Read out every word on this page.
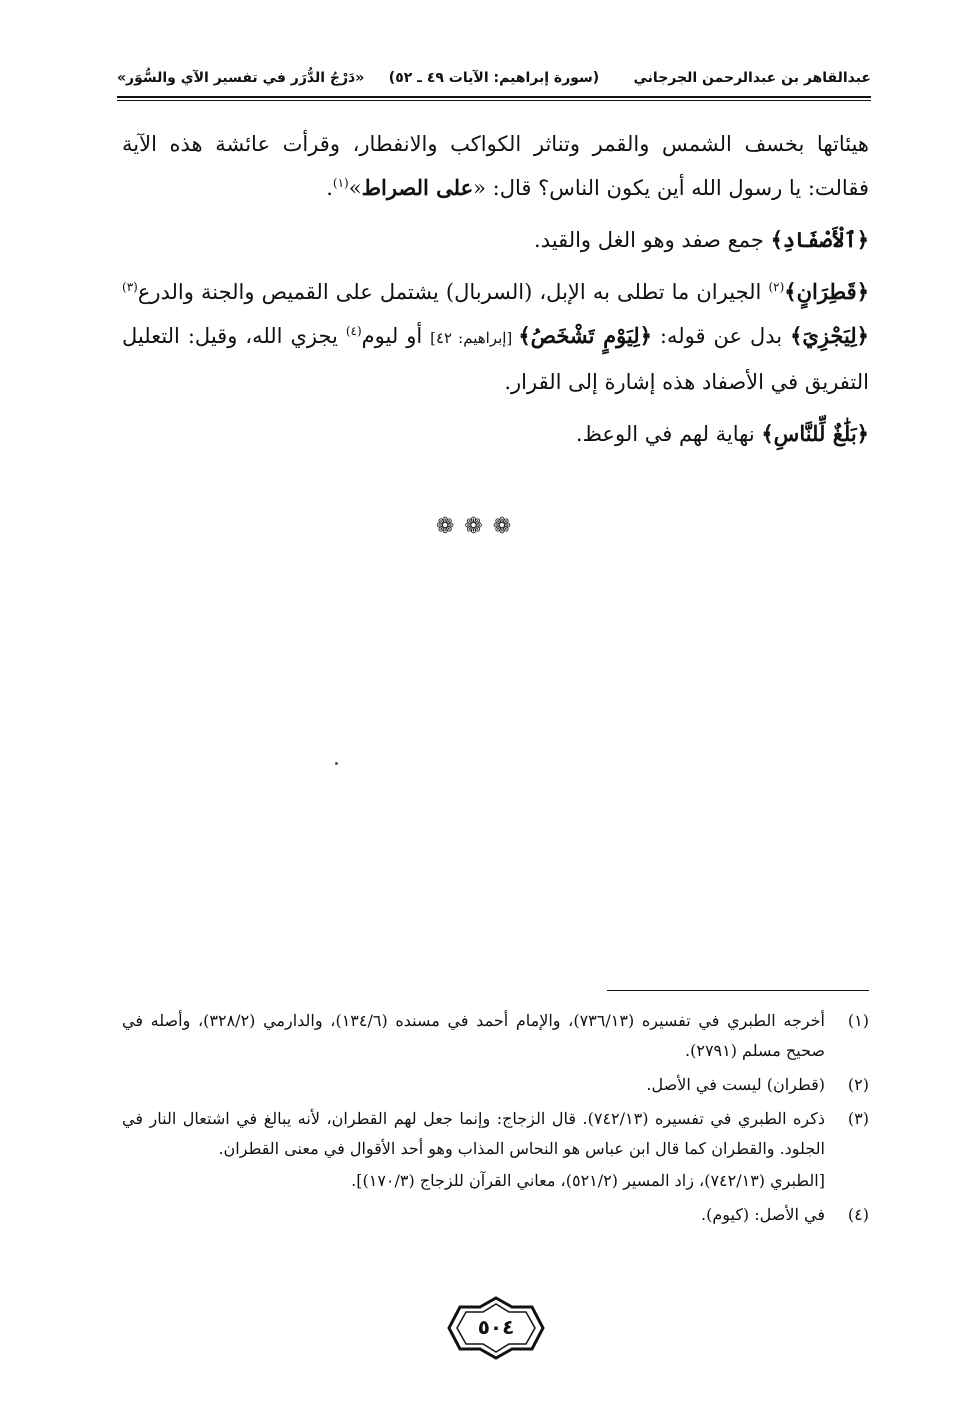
عبدالقاهر بن عبدالرحمن الجرجاني
(سورة إبراهيم: الآيات ٤٩ ـ ٥٢)
«دَرْجُ الدُّرَر في تفسير الآي والسُّوَر»

هيئاتها بخسف الشمس والقمر وتناثر الكواكب والانفطار، وقرأت عائشة هذه الآية فقالت: يا رسول الله أين يكون الناس؟ قال: «على الصراط»$^{(١)}$.

﴿ٱلْأَصْفَادِ﴾ جمع صفد وهو الغل والقيد.

﴿قَطِرَانٍ﴾$^{(٢)}$ الجيران ما تطلى به الإبل، (السربال) يشتمل على القميص والجنة والدرع$^{(٣)}$ ﴿لِيَجْزِيَ﴾ بدل عن قوله: ﴿لِيَوْمٍ تَشْخَصُ﴾ [إبراهيم: ٤٢] أو ليوم$^{(٤)}$ يجزي الله، وقيل: التعليل التفريق في الأصفاد هذه إشارة إلى القرار.

﴿بَلَٰغٌ لِّلنَّاسِ﴾ نهاية لهم في الوعظ.

❁❁❁
(١)
أخرجه الطبري في تفسيره (٧٣٦/١٣)، والإمام أحمد في مسنده (١٣٤/٦)، والدارمي (٣٢٨/٢)، وأصله في صحيح مسلم (٢٧٩١).
(٢)
(قطران) ليست في الأصل.
(٣)
ذكره الطبري في تفسيره (٧٤٢/١٣). قال الزجاج: وإنما جعل لهم القطران، لأنه يبالغ في اشتعال النار في الجلود. والقطران كما قال ابن عباس هو النحاس المذاب وهو أحد الأقوال في معنى القطران.
[الطبري (٧٤٢/١٣)، زاد المسير (٥٢١/٢)، معاني القرآن للزجاج (١٧٠/٣)].
(٤)
في الأصل: (كيوم).
٥٠٤
